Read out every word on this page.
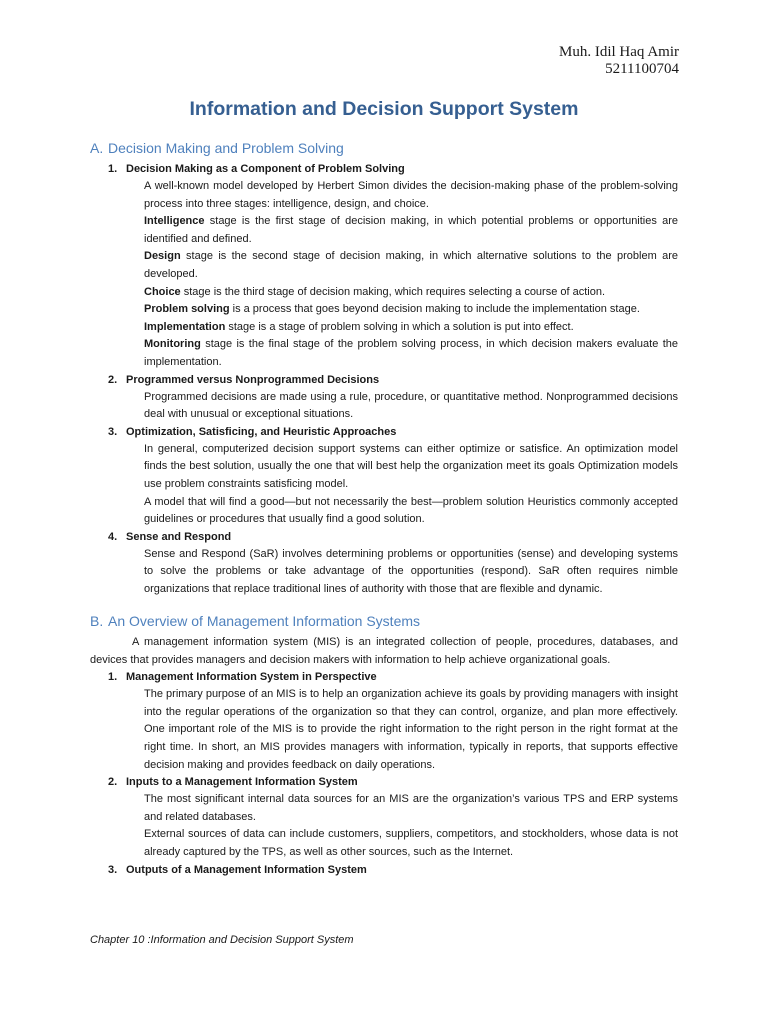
Muh. Idil Haq Amir
5211100704
Information and Decision Support System
A. Decision Making and Problem Solving
1. Decision Making as a Component of Problem Solving

A well-known model developed by Herbert Simon divides the decision-making phase of the problem-solving process into three stages: intelligence, design, and choice.

Intelligence stage is the first stage of decision making, in which potential problems or opportunities are identified and defined.

Design stage is the second stage of decision making, in which alternative solutions to the problem are developed.

Choice stage is the third stage of decision making, which requires selecting a course of action.

Problem solving is a process that goes beyond decision making to include the implementation stage.

Implementation stage is a stage of problem solving in which a solution is put into effect.

Monitoring stage is the final stage of the problem solving process, in which decision makers evaluate the implementation.

2. Programmed versus Nonprogrammed Decisions

Programmed decisions are made using a rule, procedure, or quantitative method. Nonprogrammed decisions deal with unusual or exceptional situations.

3. Optimization, Satisficing, and Heuristic Approaches

In general, computerized decision support systems can either optimize or satisfice. An optimization model finds the best solution, usually the one that will best help the organization meet its goals Optimization models use problem constraints satisficing model.

A model that will find a good—but not necessarily the best—problem solution Heuristics commonly accepted guidelines or procedures that usually find a good solution.

4. Sense and Respond

Sense and Respond (SaR) involves determining problems or opportunities (sense) and developing systems to solve the problems or take advantage of the opportunities (respond). SaR often requires nimble organizations that replace traditional lines of authority with those that are flexible and dynamic.

B. An Overview of Management Information Systems

A management information system (MIS) is an integrated collection of people, procedures, databases, and devices that provides managers and decision makers with information to help achieve organizational goals.

1. Management Information System in Perspective

The primary purpose of an MIS is to help an organization achieve its goals by providing managers with insight into the regular operations of the organization so that they can control, organize, and plan more effectively. One important role of the MIS is to provide the right information to the right person in the right format at the right time. In short, an MIS provides managers with information, typically in reports, that supports effective decision making and provides feedback on daily operations.

2. Inputs to a Management Information System

The most significant internal data sources for an MIS are the organization’s various TPS and ERP systems and related databases.

External sources of data can include customers, suppliers, competitors, and stockholders, whose data is not already captured by the TPS, as well as other sources, such as the Internet.

3. Outputs of a Management Information System
Chapter 10 :Information and Decision Support System
